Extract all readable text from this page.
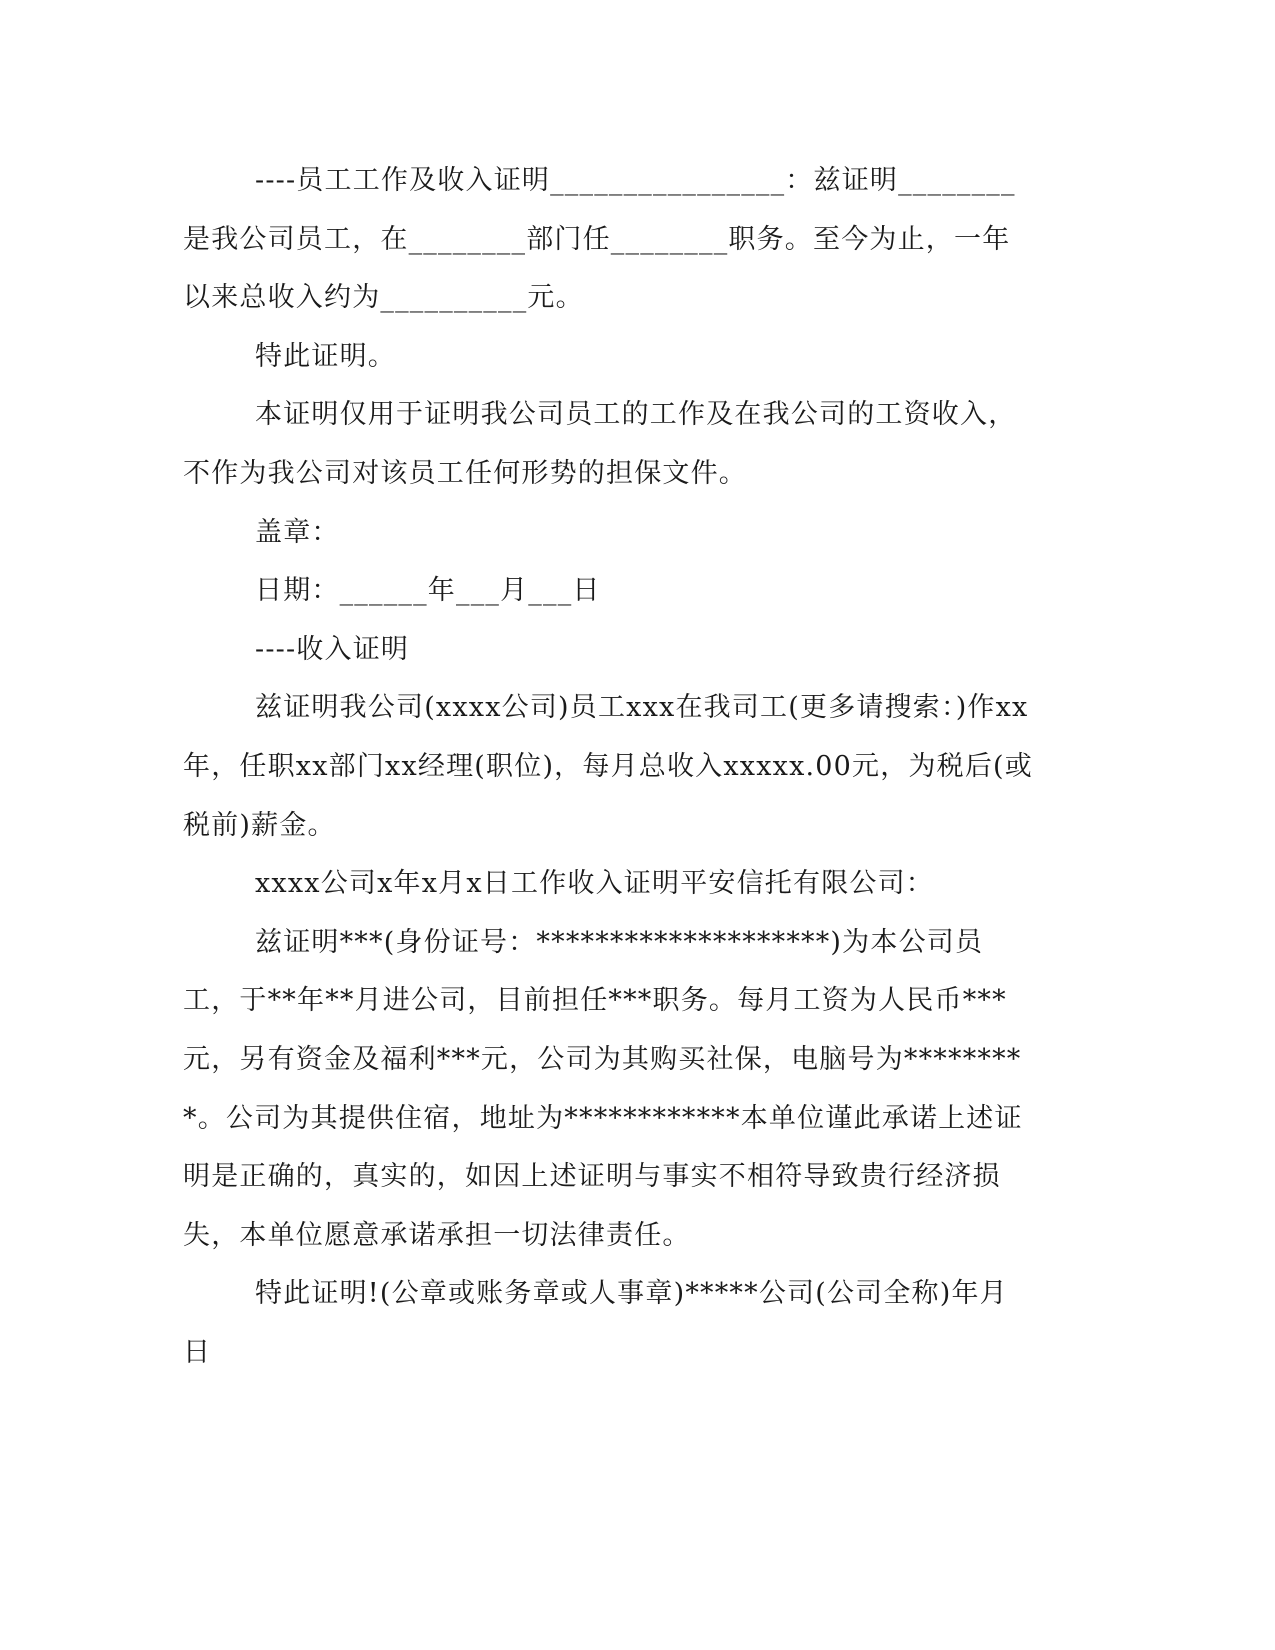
----员工工作及收入证明________________：兹证明________是我公司员工，在________部门任________职务。至今为止，一年以来总收入约为__________元。

特此证明。

本证明仅用于证明我公司员工的工作及在我公司的工资收入，不作为我公司对该员工任何形势的担保文件。

盖章：

日期：______年___月___日

----收入证明

兹证明我公司(xxxx公司)员工xxx在我司工(更多请搜索：)作xx年，任职xx部门xx经理(职位)，每月总收入xxxxx.00元，为税后(或税前)薪金。

xxxx公司x年x月x日工作收入证明平安信托有限公司：

兹证明***(身份证号：********************)为本公司员工，于**年**月进公司，目前担任***职务。每月工资为人民币***元，另有资金及福利***元，公司为其购买社保，电脑号为*********。公司为其提供住宿，地址为************本单位谨此承诺上述证明是正确的，真实的，如因上述证明与事实不相符导致贵行经济损失，本单位愿意承诺承担一切法律责任。

特此证明!(公章或账务章或人事章)*****公司(公司全称)年月日
